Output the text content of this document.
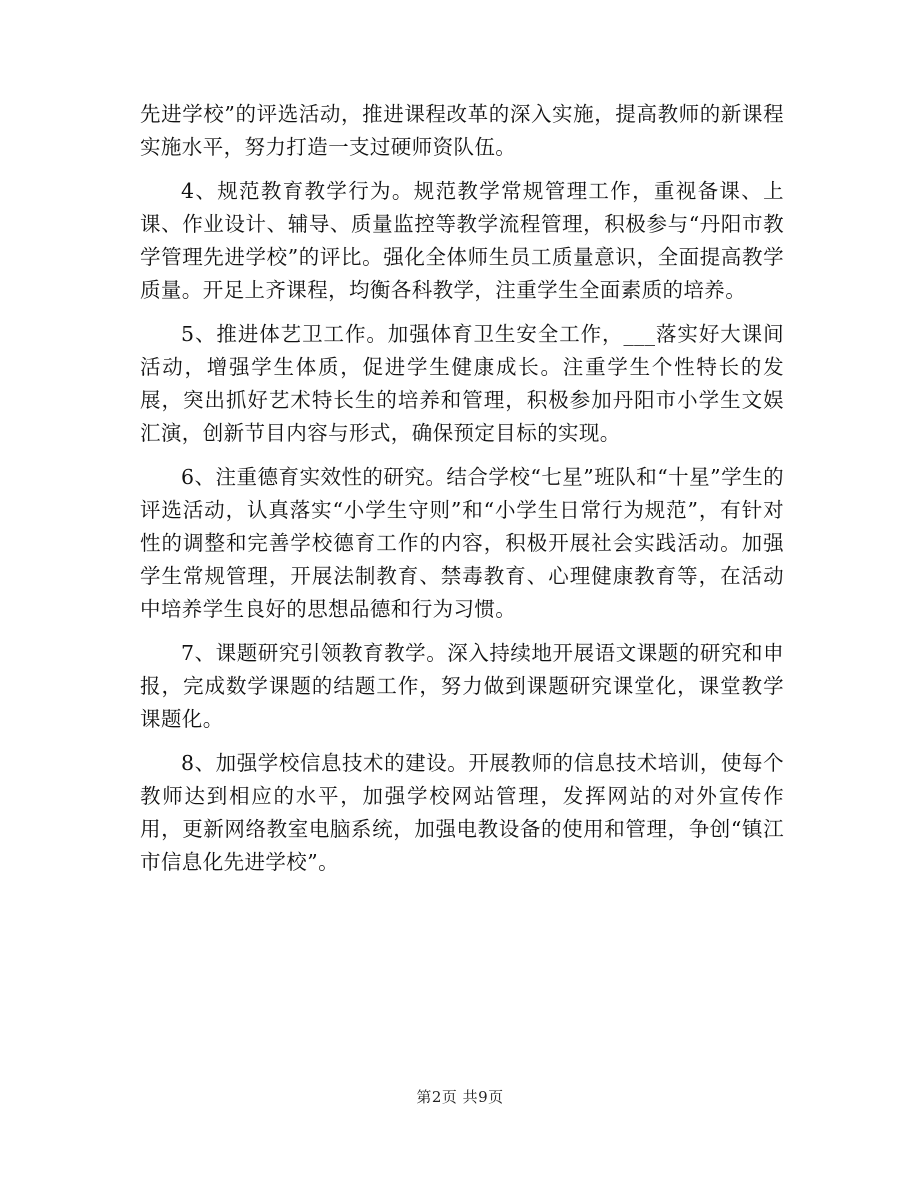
先进学校”的评选活动，推进课程改革的深入实施，提高教师的新课程实施水平，努力打造一支过硬师资队伍。

4、规范教育教学行为。规范教学常规管理工作，重视备课、上课、作业设计、辅导、质量监控等教学流程管理，积极参与“丹阳市教学管理先进学校”的评比。强化全体师生员工质量意识，全面提高教学质量。开足上齐课程，均衡各科教学，注重学生全面素质的培养。

5、推进体艺卫工作。加强体育卫生安全工作，___落实好大课间活动，增强学生体质，促进学生健康成长。注重学生个性特长的发展，突出抓好艺术特长生的培养和管理，积极参加丹阳市小学生文娱汇演，创新节目内容与形式，确保预定目标的实现。

6、注重德育实效性的研究。结合学校“七星”班队和“十星”学生的评选活动，认真落实“小学生守则”和“小学生日常行为规范”，有针对性的调整和完善学校德育工作的内容，积极开展社会实践活动。加强学生常规管理，开展法制教育、禁毒教育、心理健康教育等，在活动中培养学生良好的思想品德和行为习惯。

7、课题研究引领教育教学。深入持续地开展语文课题的研究和申报，完成数学课题的结题工作，努力做到课题研究课堂化，课堂教学课题化。

8、加强学校信息技术的建设。开展教师的信息技术培训，使每个教师达到相应的水平，加强学校网站管理，发挥网站的对外宣传作用，更新网络教室电脑系统，加强电教设备的使用和管理，争创“镇江市信息化先进学校”。

第2页 共9页
